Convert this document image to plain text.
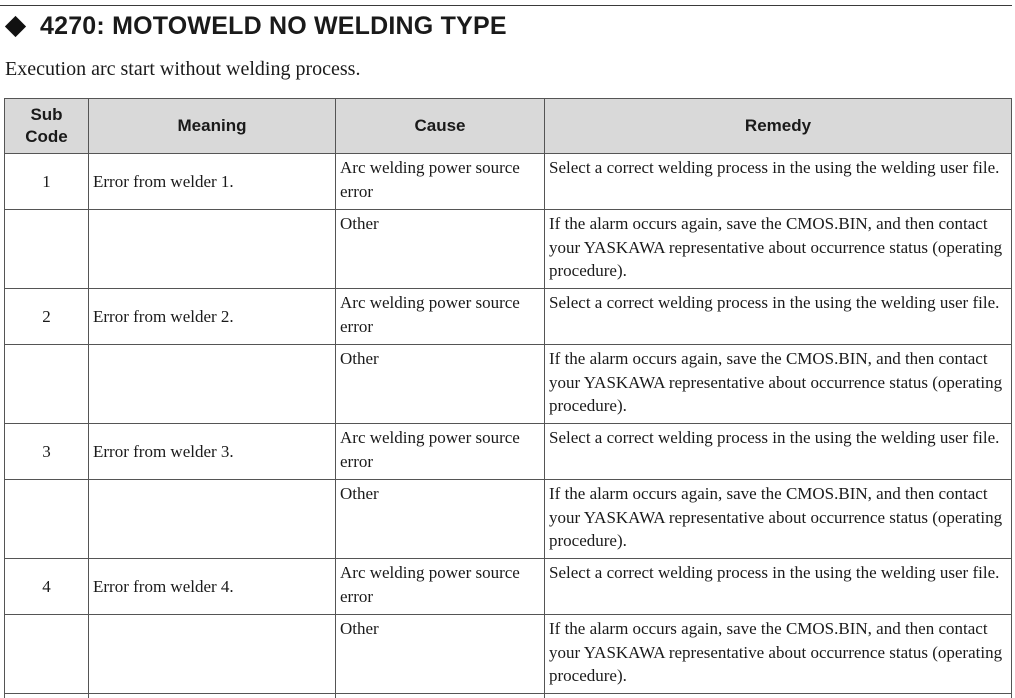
4270: MOTOWELD NO WELDING TYPE
Execution arc start without welding process.
Sub
Code	Meaning	Cause	Remedy
1	Error from welder 1.	Arc welding power source error	Select a correct welding process in the using the welding user file.
		Other	If the alarm occurs again, save the CMOS.BIN, and then contact your YASKAWA representative about occurrence status (operating procedure).
2	Error from welder 2.	Arc welding power source error	Select a correct welding process in the using the welding user file.
		Other	If the alarm occurs again, save the CMOS.BIN, and then contact your YASKAWA representative about occurrence status (operating procedure).
3	Error from welder 3.	Arc welding power source error	Select a correct welding process in the using the welding user file.
		Other	If the alarm occurs again, save the CMOS.BIN, and then contact your YASKAWA representative about occurrence status (operating procedure).
4	Error from welder 4.	Arc welding power source error	Select a correct welding process in the using the welding user file.
		Other	If the alarm occurs again, save the CMOS.BIN, and then contact your YASKAWA representative about occurrence status (operating procedure).
